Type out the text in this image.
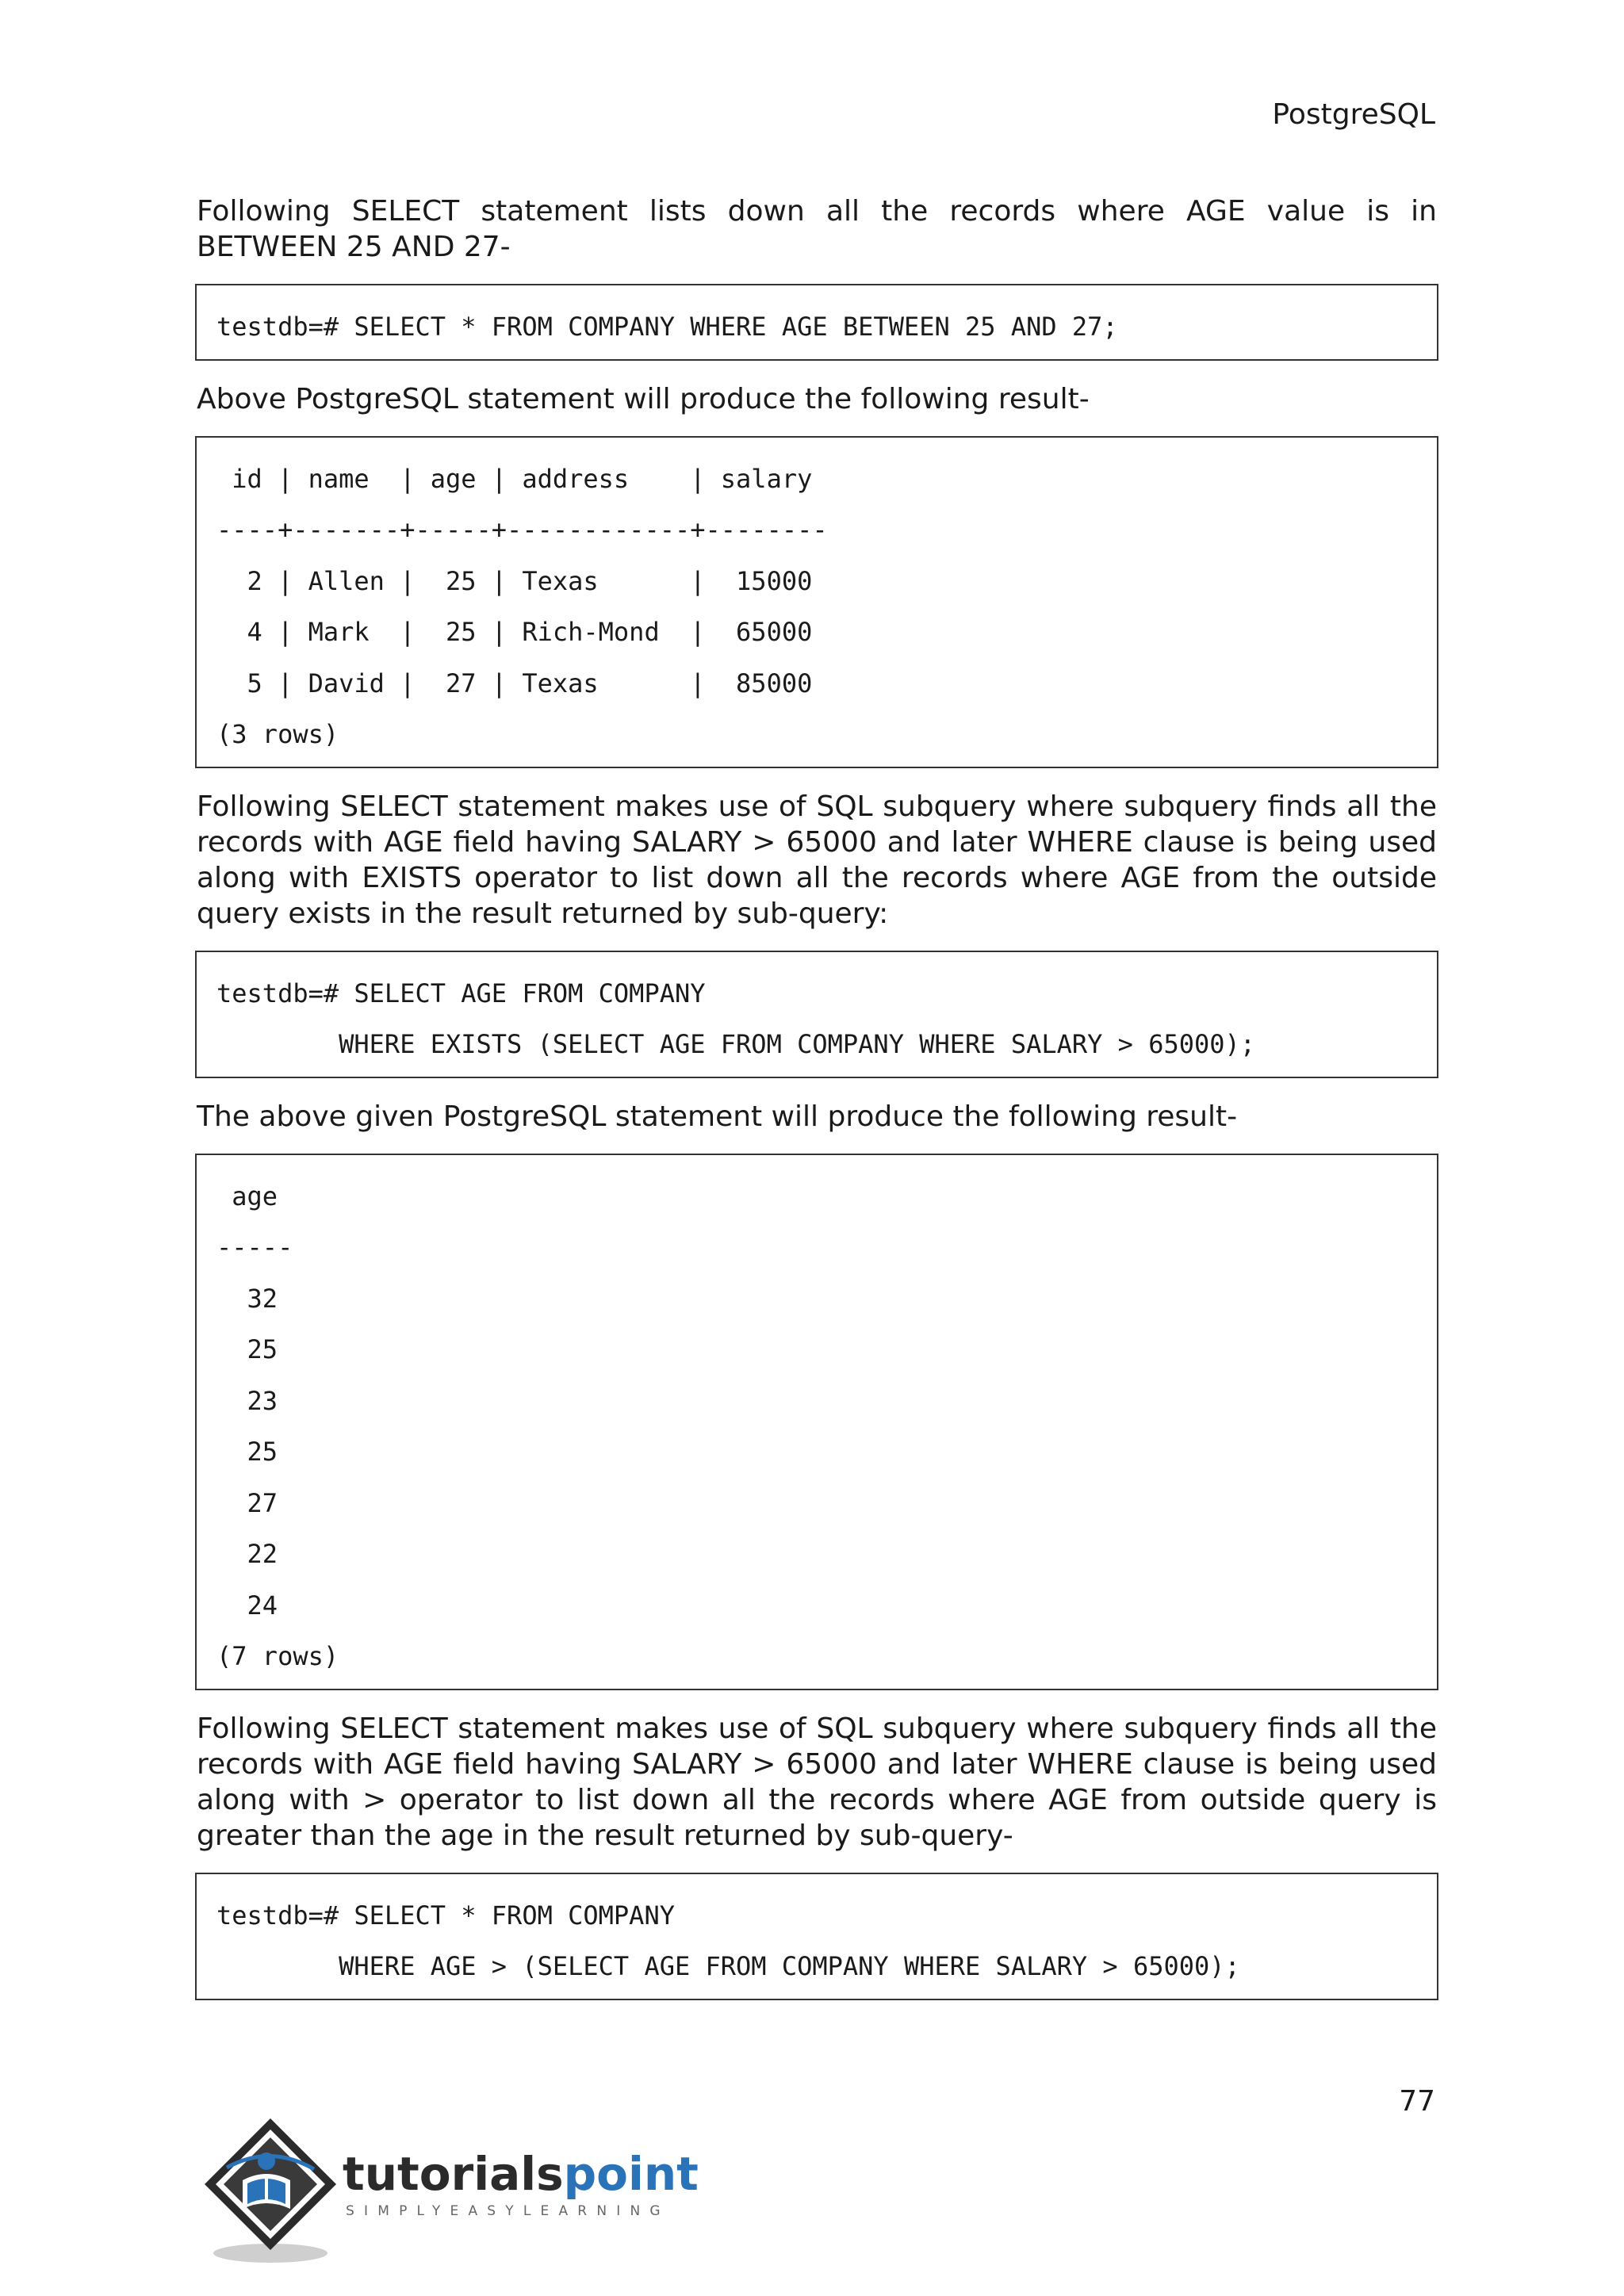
PostgreSQL

Following SELECT statement lists down all the records where AGE value is in BETWEEN 25 AND 27-

testdb=# SELECT * FROM COMPANY WHERE AGE BETWEEN 25 AND 27;

Above PostgreSQL statement will produce the following result-

id | name  | age | address    | salary
----+-------+-----+------------+--------
2 | Allen |  25 | Texas      |  15000
4 | Mark  |  25 | Rich-Mond  |  65000
5 | David |  27 | Texas      |  85000
(3 rows)

Following SELECT statement makes use of SQL subquery where subquery finds all the records with AGE field having SALARY > 65000 and later WHERE clause is being used along with EXISTS operator to list down all the records where AGE from the outside query exists in the result returned by sub-query:

testdb=# SELECT AGE FROM COMPANY
WHERE EXISTS (SELECT AGE FROM COMPANY WHERE SALARY > 65000);

The above given PostgreSQL statement will produce the following result-

age
-----
32
25
23
25
27
22
24
(7 rows)

Following SELECT statement makes use of SQL subquery where subquery finds all the records with AGE field having SALARY > 65000 and later WHERE clause is being used along with > operator to list down all the records where AGE from outside query is greater than the age in the result returned by sub-query-

testdb=# SELECT * FROM COMPANY
WHERE AGE > (SELECT AGE FROM COMPANY WHERE SALARY > 65000);
77
tutorialspoint
SIMPLYEASYLEARNING
